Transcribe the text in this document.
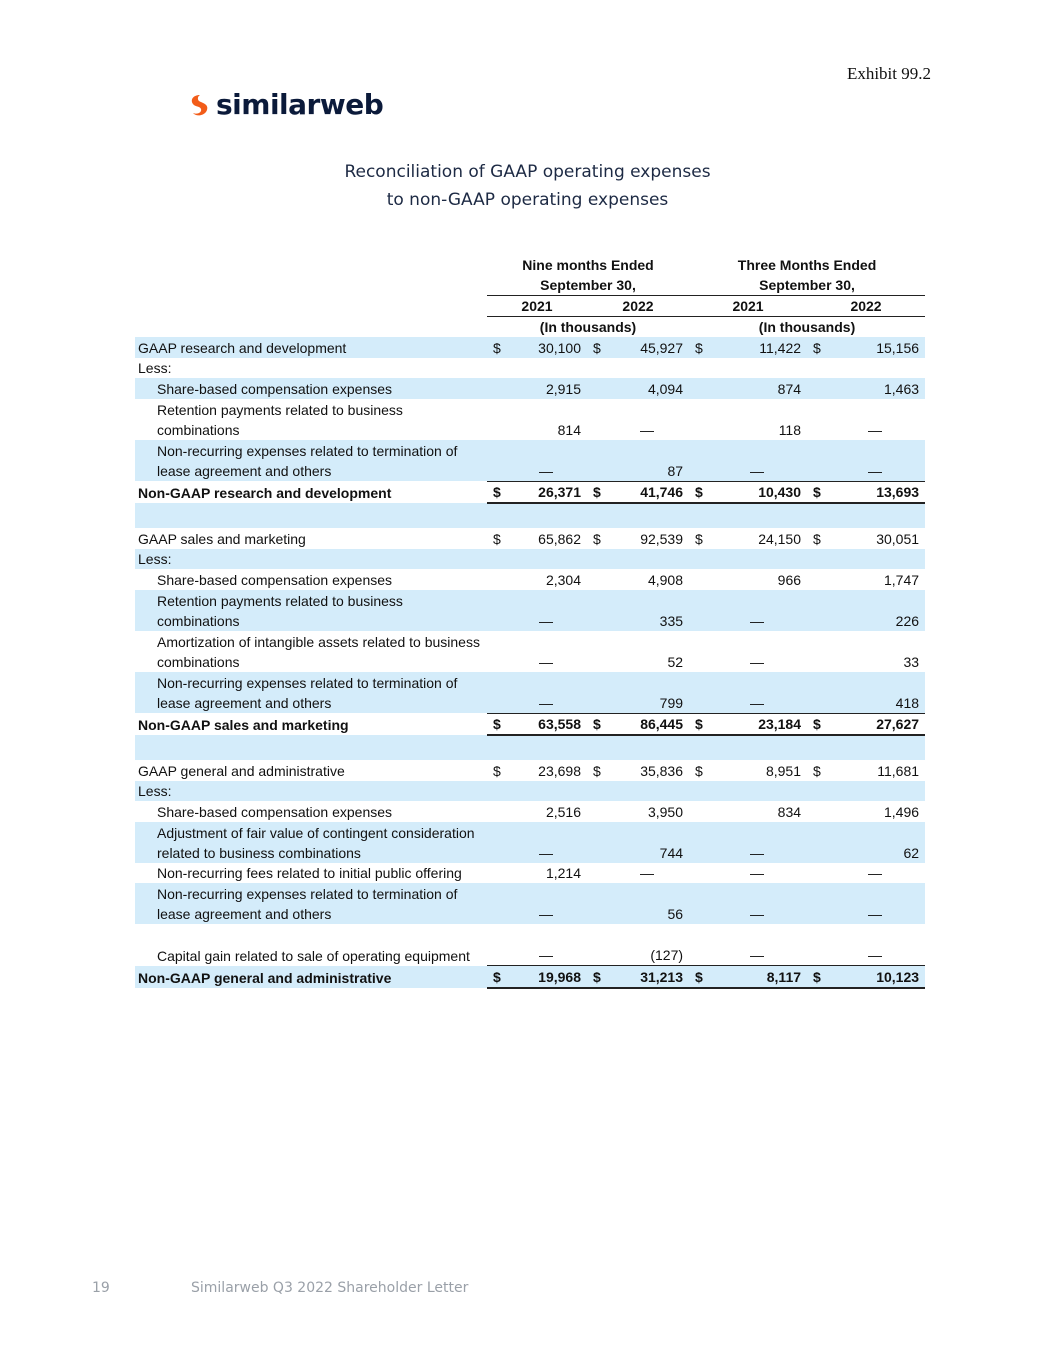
Exhibit 99.2
similarweb
Reconciliation of GAAP operating expenses
to non-GAAP operating expenses
	Nine months Ended				Three Months Ended			
	September 30,				September 30,			
	2021		2022		2021		2022	
	(In thousands)				(In thousands)			
GAAP research and development	$	30,100	$	45,927	$	11,422	$	15,156
Less:								
Share-based compensation expenses		2,915		4,094		874		1,463
Retention payments related to business combinations		814		—		118		—
Non-recurring expenses related to termination of lease agreement and others		—		87		—		—
Non-GAAP research and development	$	26,371	$	41,746	$	10,430	$	13,693

GAAP sales and marketing	$	65,862	$	92,539	$	24,150	$	30,051
Less:								
Share-based compensation expenses		2,304		4,908		966		1,747
Retention payments related to business combinations		—		335		—		226
Amortization of intangible assets related to business combinations		—		52		—		33
Non-recurring expenses related to termination of lease agreement and others		—		799		—		418
Non-GAAP sales and marketing	$	63,558	$	86,445	$	23,184	$	27,627

GAAP general and administrative	$	23,698	$	35,836	$	8,951	$	11,681
Less:								
Share-based compensation expenses		2,516		3,950		834		1,496
Adjustment of fair value of contingent consideration related to business combinations		—		744		—		62
Non-recurring fees related to initial public offering		1,214		—		—		—
Non-recurring expenses related to termination of lease agreement and others		—		56		—		—
Capital gain related to sale of operating equipment		—		(127)		—		—
Non-GAAP general and administrative	$	19,968	$	31,213	$	8,117	$	10,123
19	Similarweb Q3 2022 Shareholder Letter
